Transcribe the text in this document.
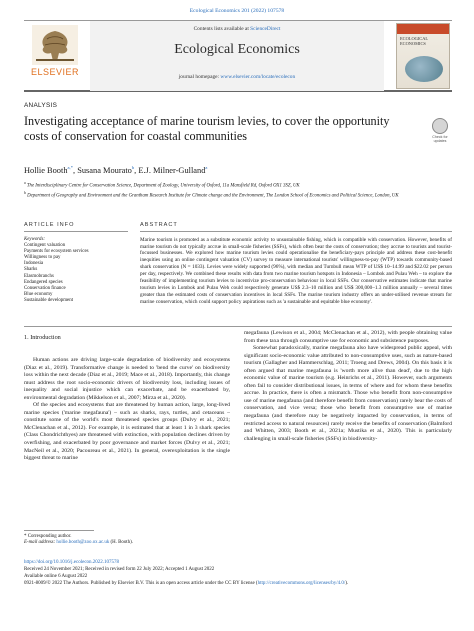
Ecological Economics 201 (2022) 107578
ELSEVIER
Contents lists available at ScienceDirect
Ecological Economics
journal homepage: www.elsevier.com/locate/ecolecon
ECOLOGICAL ECONOMICS
ANALYSIS
Investigating acceptance of marine tourism levies, to cover the opportunity costs of conservation for coastal communities	Check for updates
Hollie Booth$^{a,*}$, Susana Mourato$^b$, E.J. Milner-Gulland$^a$
$^a$ The Interdisciplinary Centre for Conservation Science, Department of Zoology, University of Oxford, 11a Mansfield Rd, Oxford OX1 3SZ, UK
$^b$ Department of Geography and Environment and the Grantham Research Institute for Climate change and the Environment, The London School of Economics and Political Science, London, UK
ARTICLE INFO
Keywords:
Contingent valuation
Payments for ecosystem services
Willingness to pay
Indonesia
Sharks
Elasmobranchs
Endangered species
Conservation finance
Blue economy
Sustainable development
ABSTRACT
Marine tourism is promoted as a substitute economic activity to unsustainable fishing, which is compatible with conservation. However, benefits of marine tourism do not typically accrue in small-scale fisheries (SSFs), which often bear the costs of conservation; they accrue to tourists and tourist-focussed businesses. We explored how marine tourism levies could operationalise the beneficiary-pays principle and address these cost-benefit inequities using an online contingent valuation (CV) survey to measure international tourists' willingness-to-pay (WTP) towards community-based shark conservation (N = 1033). Levies were widely supported (96%), with median and Turnbull mean WTP of US$ 10–14.99 and $22.02 per person per day, respectively. We combined these results with data from two marine tourism hotspots in Indonesia – Lombok and Pulau Weh – to explore the feasibility of implementing tourism levies to incentivize pro-conservation behaviour in local SSFs. Our conservative estimates indicate that marine tourism levies in Lombok and Pulau Weh could respectively generate US$ 2.3–10 million and US$ 300,000–1.3 million annually – several times greater than the estimated costs of conservation incentives in local SSFs. The marine tourism industry offers an under-utilised revenue stream for marine conservation, which could support policy aspirations such as 'a sustainable and equitable blue economy'.
1. Introduction

Human actions are driving large-scale degradation of biodiversity and ecosystems (Diaz et al., 2019). Transformative change is needed to 'bend the curve' on biodiversity loss within the next decade (Diaz et al., 2019; Mace et al., 2018). Importantly, this change must address the root socio-economic drivers of biodiversity loss, including issues of inequality and social injustice which can exacerbate, and be exacerbated by, environmental degradation (Mikkelson et al., 2007; Mirza et al., 2020).

Of the species and ecosystems that are threatened by human action, large, long-lived marine species ('marine megafauna') – such as sharks, rays, turtles, and cetaceans – constitute some of the world's most threatened species groups (Dulvy et al., 2021; McClenachan et al., 2012). For example, it is estimated that at least 1 in 3 shark species (Class Chondrichthyes) are threatened with extinction, with population declines driven by overfishing, and exacerbated by poor governance and market forces (Dulvy et al., 2021; MacNeil et al., 2020; Pacoureau et al., 2021). In general, overexploitation is the single biggest threat to marine

megafauna (Lewison et al., 2004; McClenachan et al., 2012), with people obtaining value from these taxa through consumptive use for economic and subsistence purposes.

Somewhat paradoxically, marine megafauna also have widespread public appeal, with significant socio-economic value attributed to non-consumptive uses, such as nature-based tourism (Gallagher and Hammerschlag, 2011; Troeng and Drews, 2004). On this basis it is often argued that marine megafauna is 'worth more alive than dead', due to the high economic value of marine tourism (e.g. Heinrichs et al., 2011). However, such arguments often fail to consider distributional issues, in terms of where and for whom these benefits accrue. In practice, there is often a mismatch. Those who benefit from non-consumptive use of marine megafauna (and therefore benefit from conservation) rarely bear the costs of conservation, and vice versa; those who benefit from consumptive use of marine megafauna (and therefore may be negatively impacted by conservation, in terms of restricted access to natural resources) rarely receive the benefits of conservation (Balmford and Whitten, 2003; Booth et al., 2021a; Mustika et al., 2020). This is particularly challenging in small-scale fisheries (SSFs) in biodiversity-

* Corresponding author.
E-mail address: hollie.booth@zoo.ox.ac.uk (H. Booth).
https://doi.org/10.1016/j.ecolecon.2022.107578
Received 24 November 2021; Received in revised form 22 July 2022; Accepted 1 August 2022
Available online 6 August 2022
0921-8009/© 2022 The Authors. Published by Elsevier B.V. This is an open access article under the CC BY license (http://creativecommons.org/licenses/by/4.0/).
